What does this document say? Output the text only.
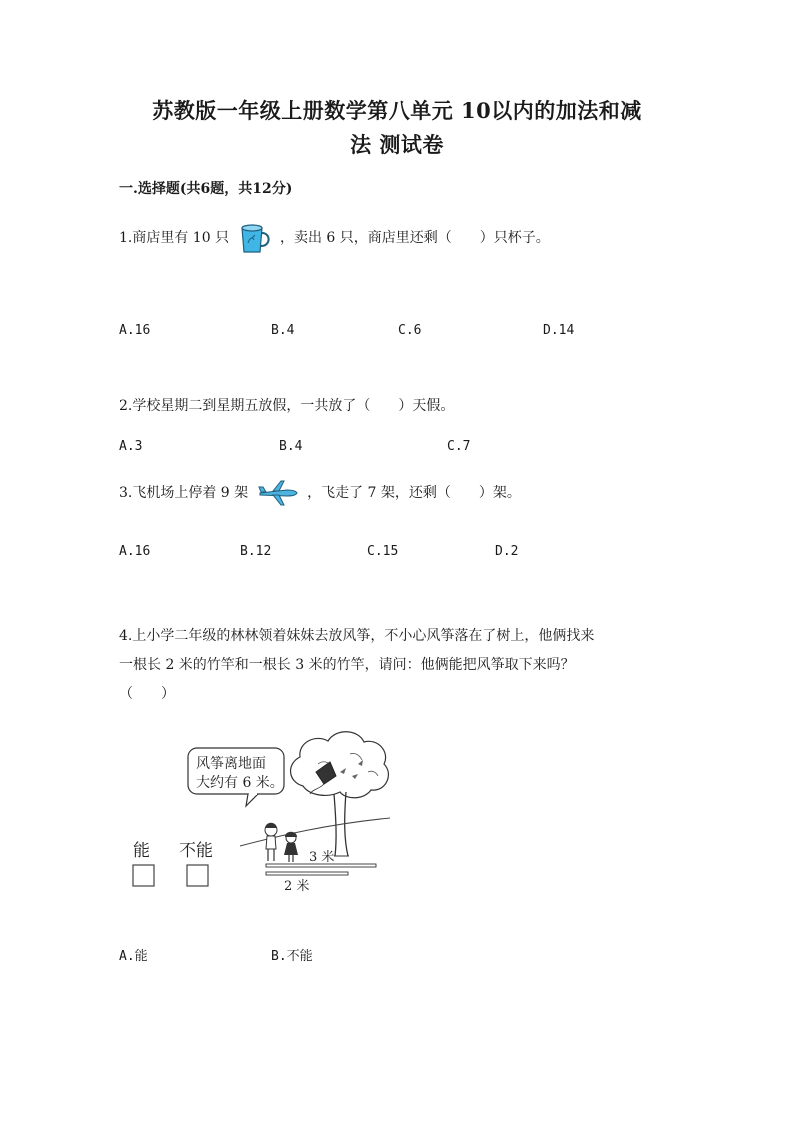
苏教版一年级上册数学第八单元 10以内的加法和减
法 测试卷
一.选择题(共6题，共12分)
1.商店里有 10 只	，卖出 6 只，商店里还剩（　　）只杯子。
A.16	B.4	C.6	D.14
2.学校星期二到星期五放假，一共放了（　　）天假。
A.3	B.4	C.7
3.飞机场上停着 9 架	，飞走了 7 架，还剩（　　）架。
A.16	B.12	C.15	D.2
4.上小学二年级的林林领着妹妹去放风筝，不小心风筝落在了树上，他俩找来
一根长 2 米的竹竿和一根长 3 米的竹竿，请问：他俩能把风筝取下来吗？
（　　）
风筝离地面
大约有 6 米。
3 米
2 米
能 不能
A.能	B.不能
